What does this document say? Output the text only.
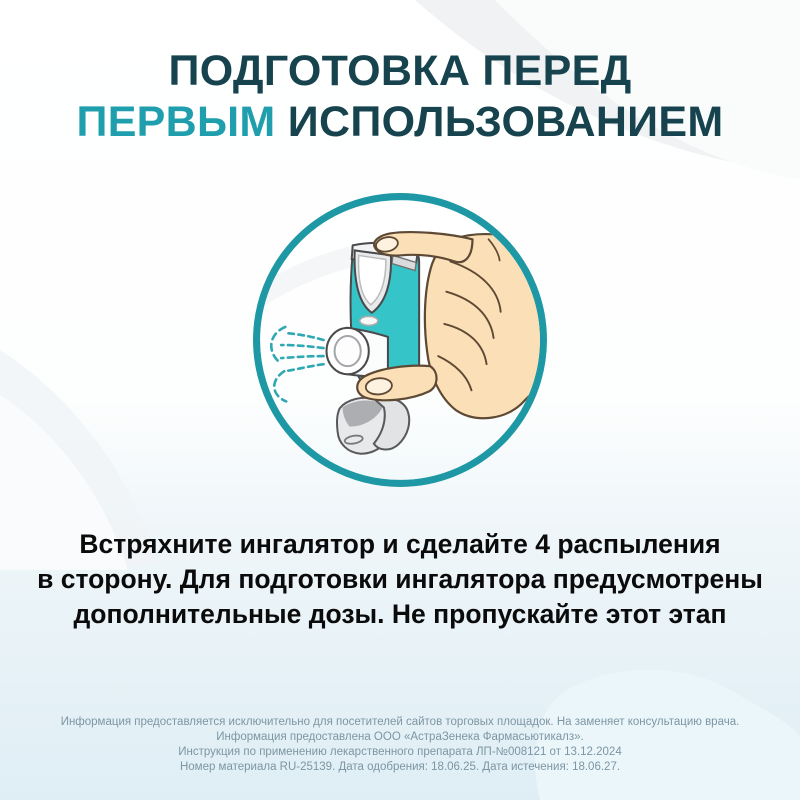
ПОДГОТОВКА ПЕРЕД
ПЕРВЫМ ИСПОЛЬЗОВАНИЕМ
Встряхните ингалятор и сделайте 4 распыления
в сторону. Для подготовки ингалятора предусмотрены
дополнительные дозы. Не пропускайте этот этап
Информация предоставляется исключительно для посетителей сайтов торговых площадок. На заменяет консультацию врача.
Информация предоставлена ООО «АстраЗенека Фармасьютикалз».
Инструкция по применению лекарственного препарата ЛП-№008121 от 13.12.2024
Номер материала RU-25139. Дата одобрения: 18.06.25. Дата истечения: 18.06.27.
